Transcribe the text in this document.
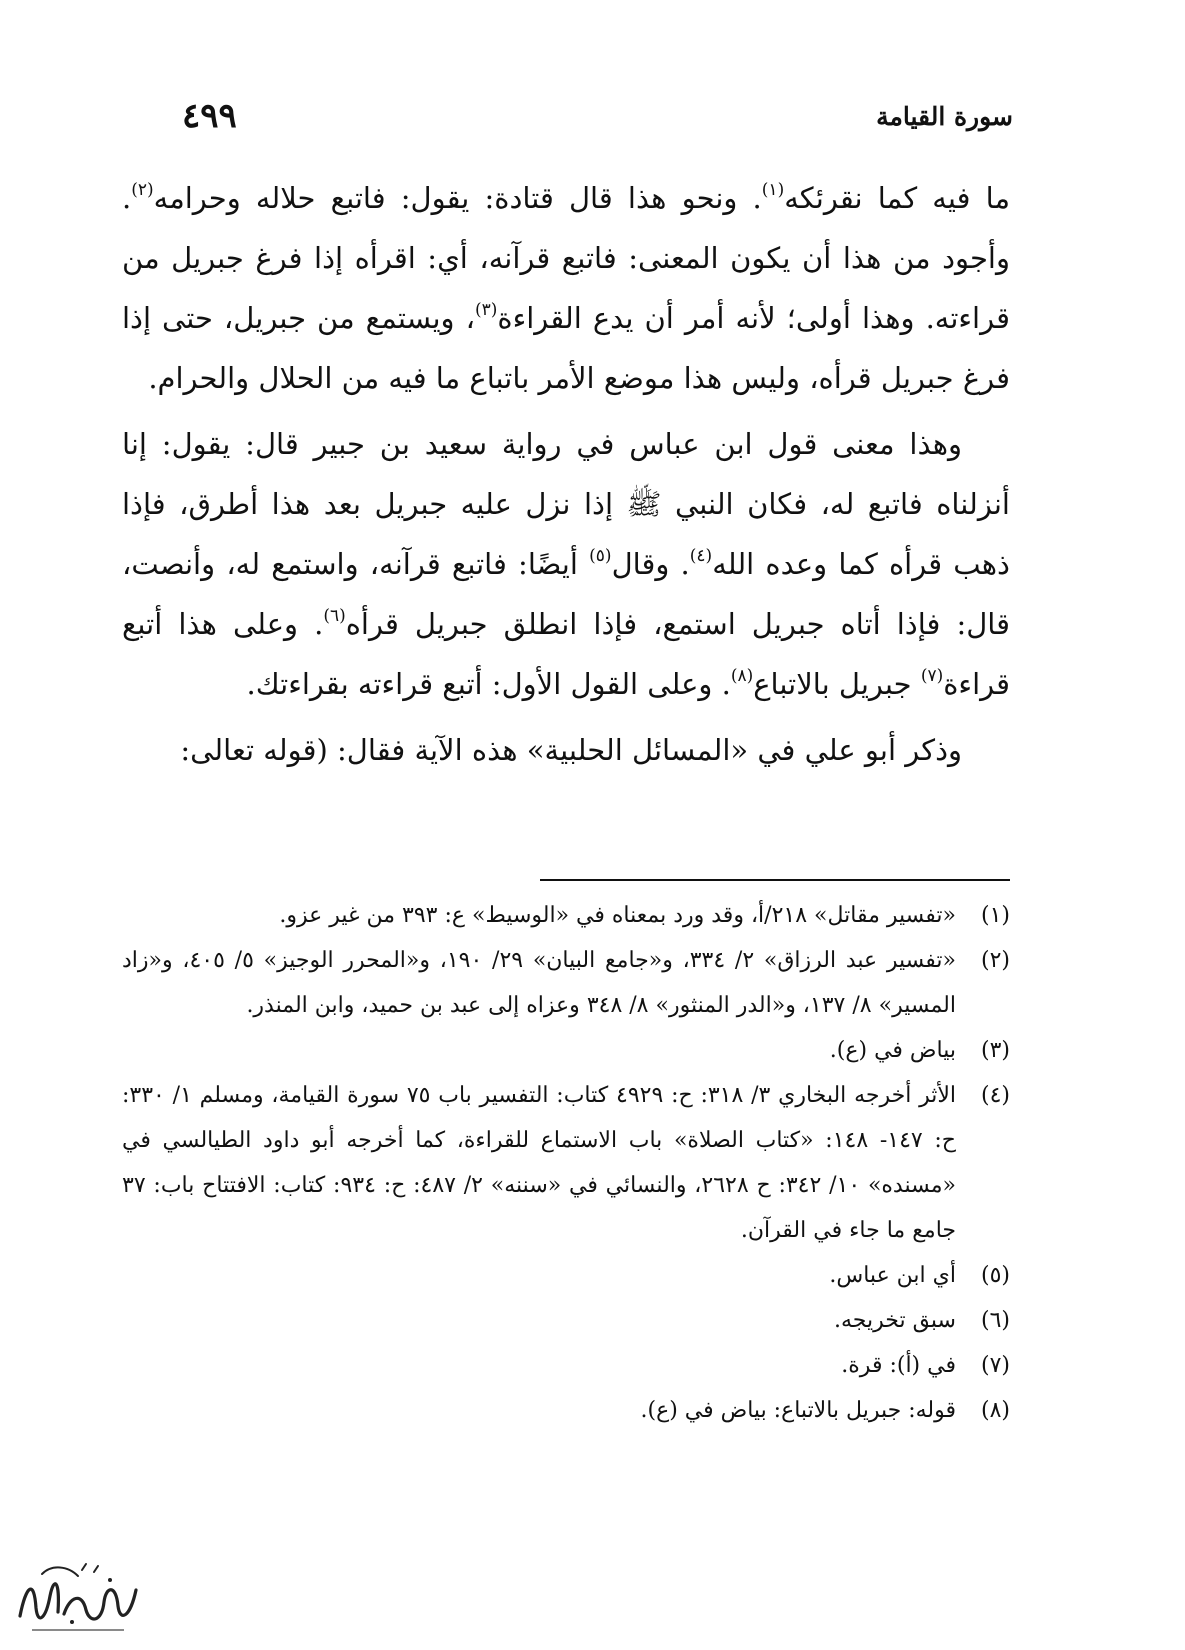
سورة القيامة
٤٩٩

ما فيه كما نقرئكه$^{(١)}$. ونحو هذا قال قتادة: يقول: فاتبع حلاله وحرامه$^{(٢)}$. وأجود من هذا أن يكون المعنى: فاتبع قرآنه، أي: اقرأه إذا فرغ جبريل من قراءته. وهذا أولى؛ لأنه أمر أن يدع القراءة$^{(٣)}$، ويستمع من جبريل، حتى إذا فرغ جبريل قرأه، وليس هذا موضع الأمر باتباع ما فيه من الحلال والحرام.

وهذا معنى قول ابن عباس في رواية سعيد بن جبير قال: يقول: إنا أنزلناه فاتبع له، فكان النبي ﷺ إذا نزل عليه جبريل بعد هذا أطرق، فإذا ذهب قرأه كما وعده الله$^{(٤)}$. وقال$^{(٥)}$ أيضًا: فاتبع قرآنه، واستمع له، وأنصت، قال: فإذا أتاه جبريل استمع، فإذا انطلق جبريل قرأه$^{(٦)}$. وعلى هذا أتبع قراءة$^{(٧)}$ جبريل بالاتباع$^{(٨)}$. وعلى القول الأول: أتبع قراءته بقراءتك.

وذكر أبو علي في «المسائل الحلبية» هذه الآية فقال: (قوله تعالى:

(١)
«تفسير مقاتل» ٢١٨/أ، وقد ورد بمعناه في «الوسيط» ع: ٣٩٣ من غير عزو.
(٢)
«تفسير عبد الرزاق» ٢/ ٣٣٤، و«جامع البيان» ٢٩/ ١٩٠، و«المحرر الوجيز» ٥/ ٤٠٥، و«زاد المسير» ٨/ ١٣٧، و«الدر المنثور» ٨/ ٣٤٨ وعزاه إلى عبد بن حميد، وابن المنذر.
(٣)
بياض في (ع).
(٤)
الأثر أخرجه البخاري ٣/ ٣١٨: ح: ٤٩٢٩ كتاب: التفسير باب ٧٥ سورة القيامة، ومسلم ١/ ٣٣٠: ح: ١٤٧- ١٤٨: «كتاب الصلاة» باب الاستماع للقراءة، كما أخرجه أبو داود الطيالسي في «مسنده» ١٠/ ٣٤٢: ح ٢٦٢٨، والنسائي في «سننه» ٢/ ٤٨٧: ح: ٩٣٤: كتاب: الافتتاح باب: ٣٧ جامع ما جاء في القرآن.
(٥)
أي ابن عباس.
(٦)
سبق تخريجه.
(٧)
في (أ): قرة.
(٨)
قوله: جبريل بالاتباع: بياض في (ع).
